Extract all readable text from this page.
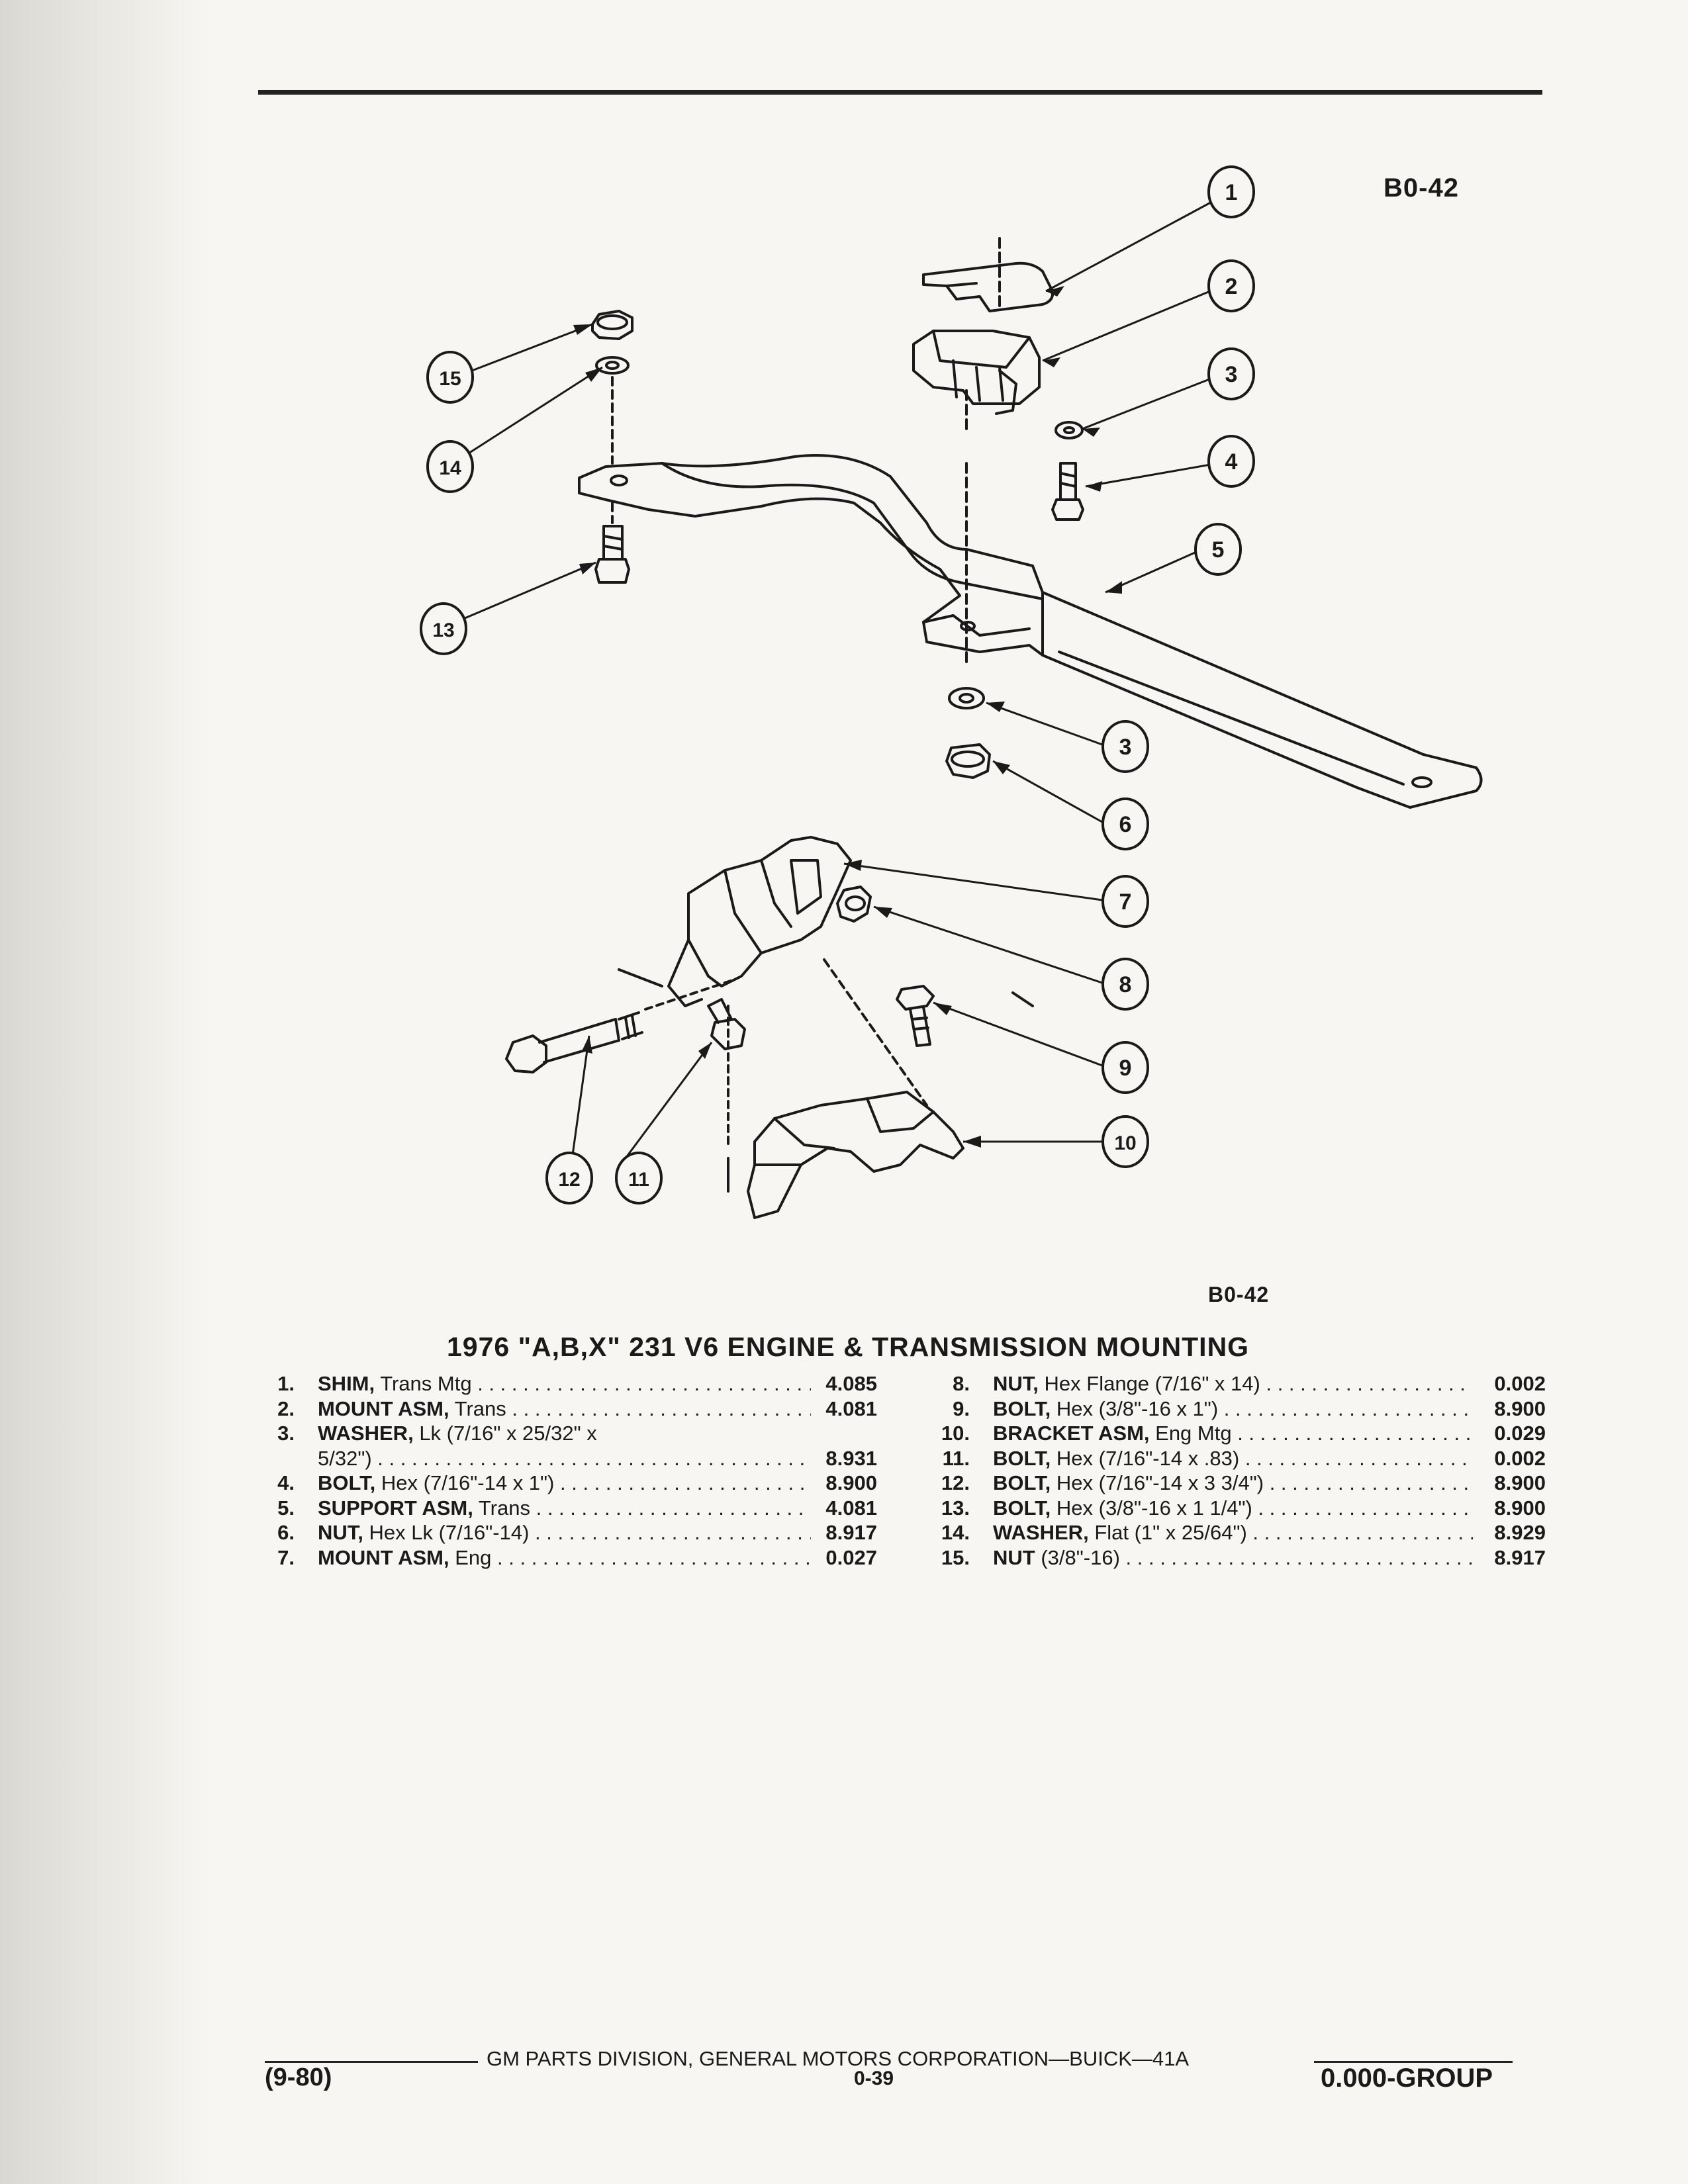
B0-42
1
2
3
4
5
3
6
7
8
9
10
11
12
13
14
15
B0-42
1976 "A,B,X" 231 V6 ENGINE & TRANSMISSION MOUNTING
1. SHIM, Trans Mtg . . .	4.085
2. MOUNT ASM, Trans . . .	4.081
3. WASHER, Lk (7/16" x 25/32" x
5/32") . . .	8.931
4. BOLT, Hex (7/16"-14 x 1") . . .	8.900
5. SUPPORT ASM, Trans . . .	4.081
6. NUT, Hex Lk (7/16"-14) . . .	8.917
7. MOUNT ASM, Eng . . .	0.027
8. NUT, Hex Flange (7/16" x 14) . . .	0.002
9. BOLT, Hex (3/8"-16 x 1") . . .	8.900
10. BRACKET ASM, Eng Mtg . . .	0.029
11. BOLT, Hex (7/16"-14 x .83) . . .	0.002
12. BOLT, Hex (7/16"-14 x 3 3/4") . . .	8.900
13. BOLT, Hex (3/8"-16 x 1 1/4") . . .	8.900
14. WASHER, Flat (1" x 25/64") . . .	8.929
15. NUT (3/8"-16) . . .	8.917
GM PARTS DIVISION, GENERAL MOTORS CORPORATION—BUICK—41A
(9-80)	0-39	0.000-GROUP
